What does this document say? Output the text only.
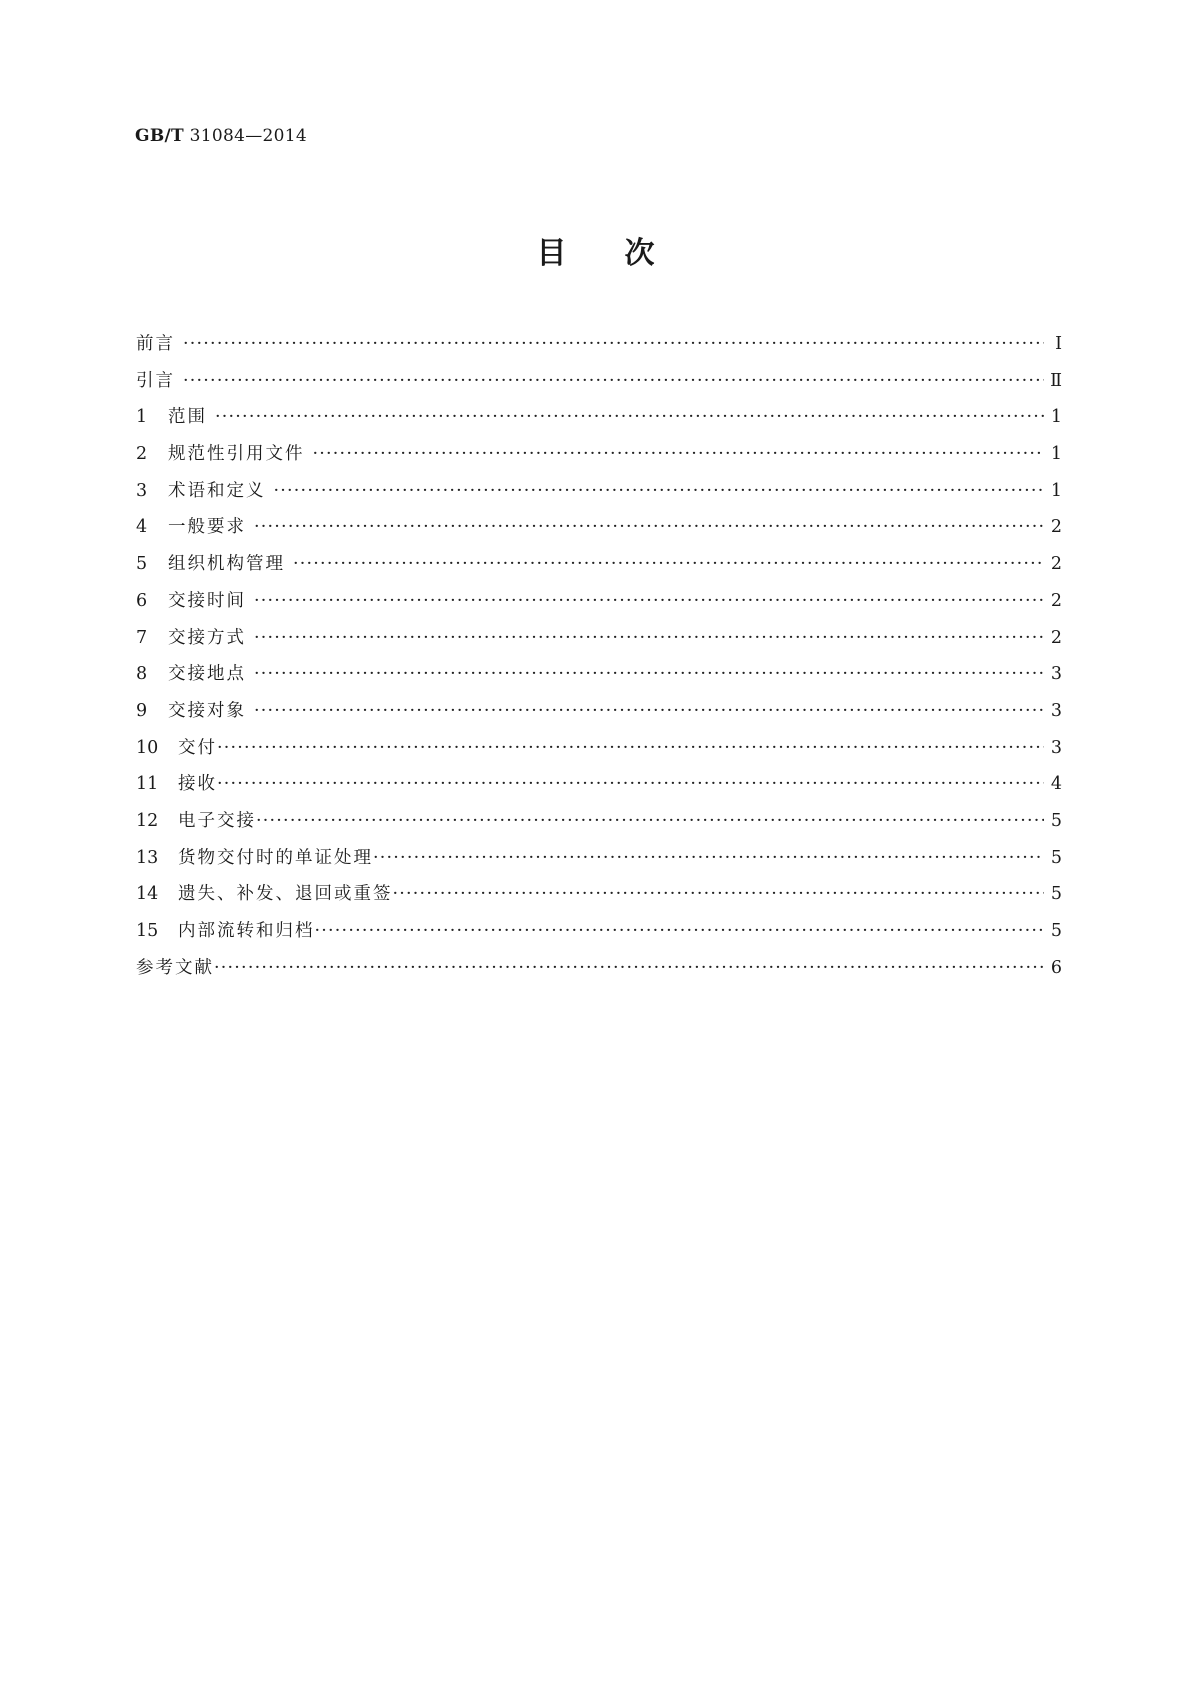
GB/T 31084—2014
目次
前言 ·····	Ⅰ
引言 ·····	Ⅱ
1	范围 ·····	1
2	规范性引用文件 ·····	1
3	术语和定义 ·····	1
4	一般要求 ·····	2
5	组织机构管理 ·····	2
6	交接时间 ·····	2
7	交接方式 ·····	2
8	交接地点 ·····	3
9	交接对象 ·····	3
10	交付 ·····	3
11	接收 ·····	4
12	电子交接 ·····	5
13	货物交付时的单证处理 ·····	5
14	遗失、补发、退回或重签 ·····	5
15	内部流转和归档 ·····	5
参考文献 ·····	6
